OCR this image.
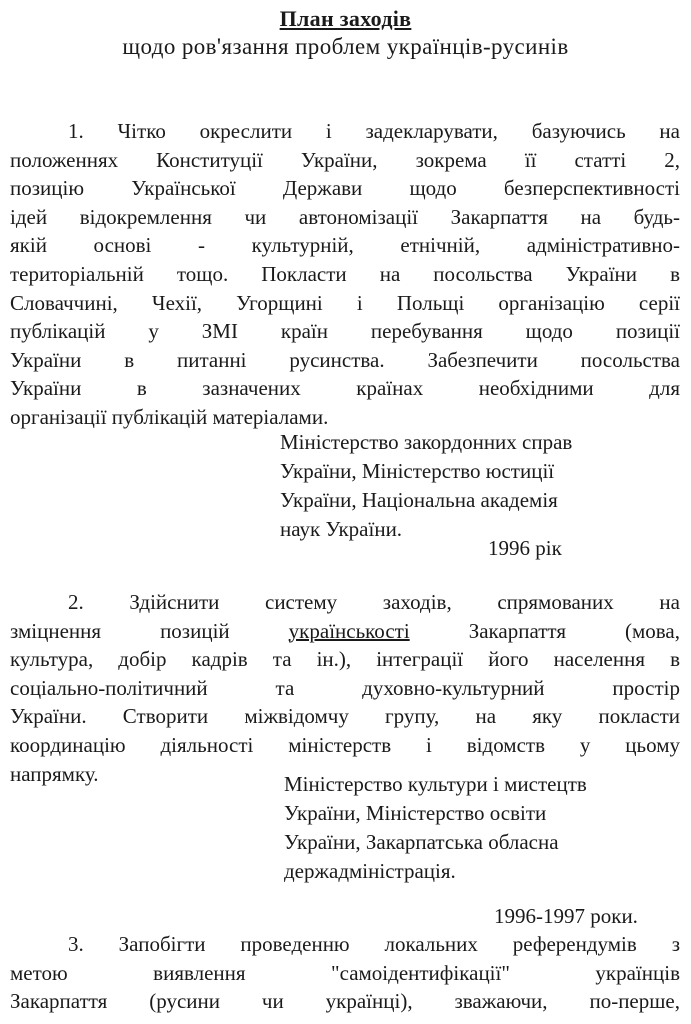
План заходів
щодо ров'язання проблем українців-русинів
1. Чітко окреслити і задекларувати, базуючись на
положеннях Конституції України, зокрема її статті 2,
позицію Української Держави щодо безперспективності
ідей відокремлення чи автономізації Закарпаття на будь-
якій основі - культурній, етнічній, адміністративно-
територіальній тощо. Покласти на посольства України в
Словаччині, Чехії, Угорщині і Польщі організацію серії
публікацій у ЗМІ країн перебування щодо позиції
України в питанні русинства. Забезпечити посольства
України в зазначених країнах необхідними для
організації публікацій матеріалами.
Міністерство закордонних справ
України, Міністерство юстиції
України, Національна академія
наук України.
1996 рік
2. Здійснити систему заходів, спрямованих на
зміцнення позицій українськості Закарпаття (мова,
культура, добір кадрів та ін.), інтеграції його населення в
соціально-політичний та духовно-культурний простір
України. Створити міжвідомчу групу, на яку покласти
координацію діяльності міністерств і відомств у цьому
напрямку.	Міністерство культури і мистецтв
України, Міністерство освіти
України, Закарпатська обласна
держадміністрація.
1996-1997 роки.
3. Запобігти проведенню локальних референдумів з
метою виявлення "самоідентифікації" українців
Закарпаття (русини чи українці), зважаючи, по-перше,
